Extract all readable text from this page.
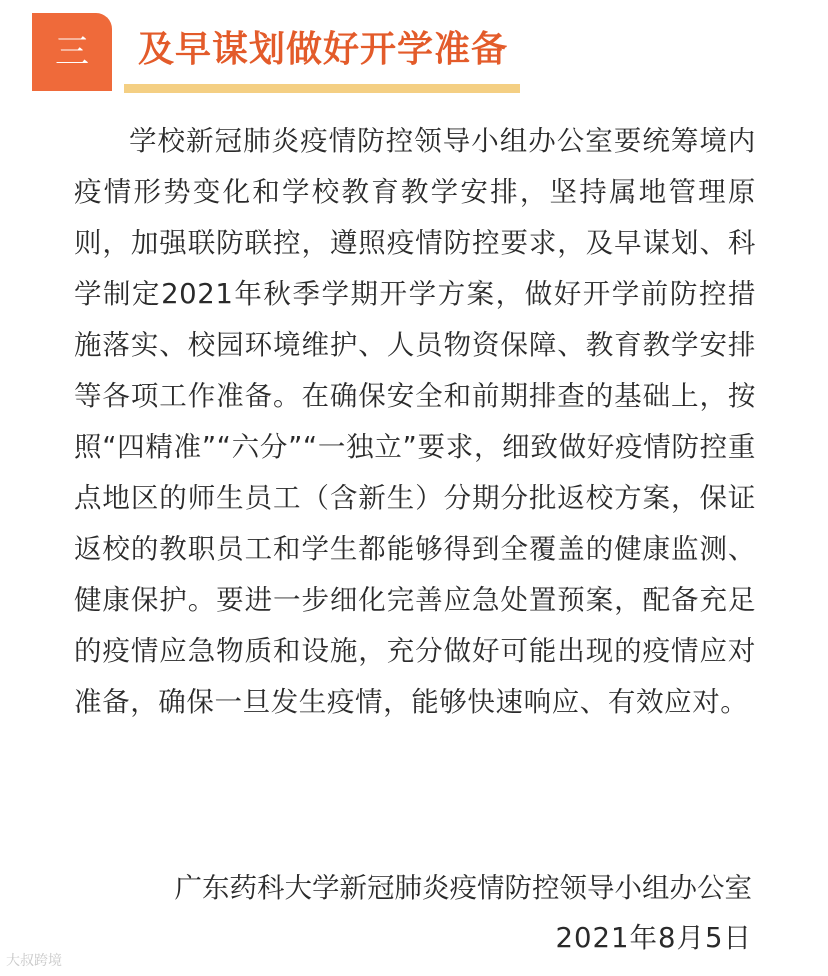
三	及早谋划做好开学准备

学校新冠肺炎疫情防控领导小组办公室要统筹境内疫情形势变化和学校教育教学安排，坚持属地管理原则，加强联防联控，遵照疫情防控要求，及早谋划、科学制定2021年秋季学期开学方案，做好开学前防控措施落实、校园环境维护、人员物资保障、教育教学安排等各项工作准备。在确保安全和前期排查的基础上，按照“四精准”“六分”“一独立”要求，细致做好疫情防控重点地区的师生员工（含新生）分期分批返校方案，保证返校的教职员工和学生都能够得到全覆盖的健康监测、健康保护。要进一步细化完善应急处置预案，配备充足的疫情应急物质和设施，充分做好可能出现的疫情应对准备，确保一旦发生疫情，能够快速响应、有效应对。

广东药科大学新冠肺炎疫情防控领导小组办公室
2021年8月5日
大叔跨境
